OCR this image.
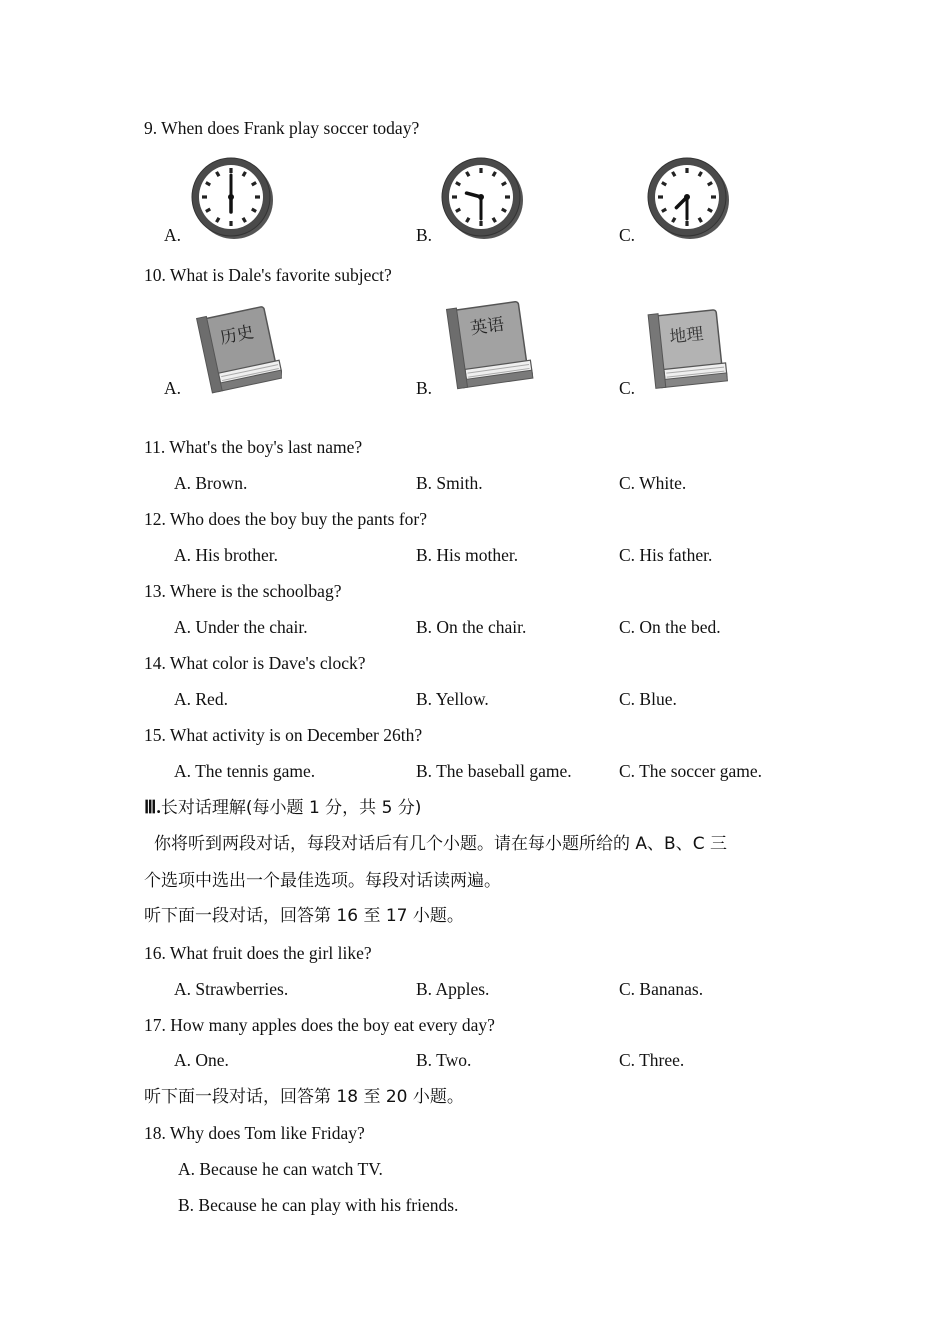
9. When does Frank play soccer today?
A.	B.	C.
10. What is Dale's favorite subject?
A.
历史
B.
英语
C.
地理
11. What's the boy's last name?
A. Brown.	B. Smith.	C. White.
12. Who does the boy buy the pants for?
A. His brother.	B. His mother.	C. His father.
13. Where is the schoolbag?
A. Under the chair.	B. On the chair.	C. On the bed.
14. What color is Dave's clock?
A. Red.	B. Yellow.	C. Blue.
15. What activity is on December 26th?
A. The tennis game.	B. The baseball game.	C. The soccer game.
Ⅲ.长对话理解(每小题 1 分，共 5 分)
你将听到两段对话，每段对话后有几个小题。请在每小题所给的 A、B、C 三
个选项中选出一个最佳选项。每段对话读两遍。
听下面一段对话，回答第 16 至 17 小题。
16. What fruit does the girl like?
A. Strawberries.	B. Apples.	C. Bananas.
17. How many apples does the boy eat every day?
A. One.	B. Two.	C. Three.
听下面一段对话，回答第 18 至 20 小题。
18. Why does Tom like Friday?
A. Because he can watch TV.
B. Because he can play with his friends.
